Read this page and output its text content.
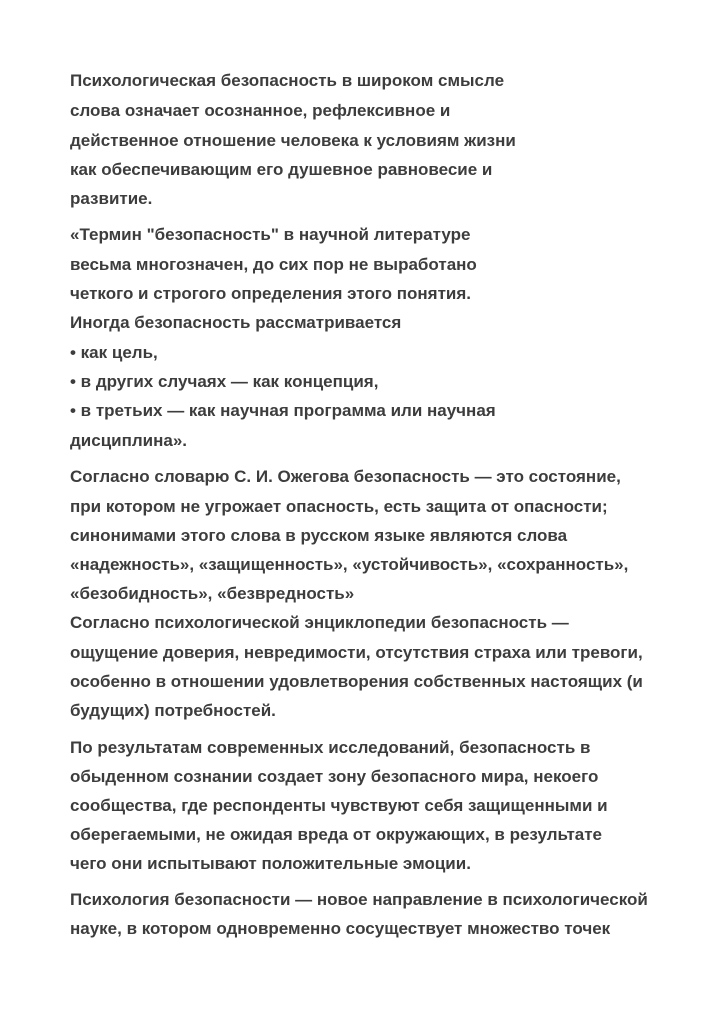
Психологическая безопасность в широком смысле
слова означает осознанное, рефлексивное и
действенное отношение человека к условиям жизни
как обеспечивающим его душевное равновесие и
развитие.
«Термин "безопасность" в научной литературе
весьма многозначен, до сих пор не выработано
четкого и строгого определения этого понятия.
Иногда безопасность рассматривается
• как цель,
• в других случаях — как концепция,
• в третьих — как научная программа или научная
дисциплина».
Согласно словарю С. И. Ожегова безопасность — это состояние,
при котором не угрожает опасность, есть защита от опасности;
синонимами этого слова в русском языке являются слова
«надежность», «защищенность», «устойчивость», «сохранность»,
«безобидность», «безвредность»
Согласно психологической энциклопедии безопасность —
ощущение доверия, невредимости, отсутствия страха или тревоги,
особенно в отношении удовлетворения собственных настоящих (и
будущих) потребностей.
По результатам современных исследований, безопасность в
обыденном сознании создает зону безопасного мира, некоего
сообщества, где респонденты чувствуют себя защищенными и
оберегаемыми, не ожидая вреда от окружающих, в результате
чего они испытывают положительные эмоции.
Психология безопасности — новое направление в психологической
науке, в котором одновременно сосуществует множество точек
